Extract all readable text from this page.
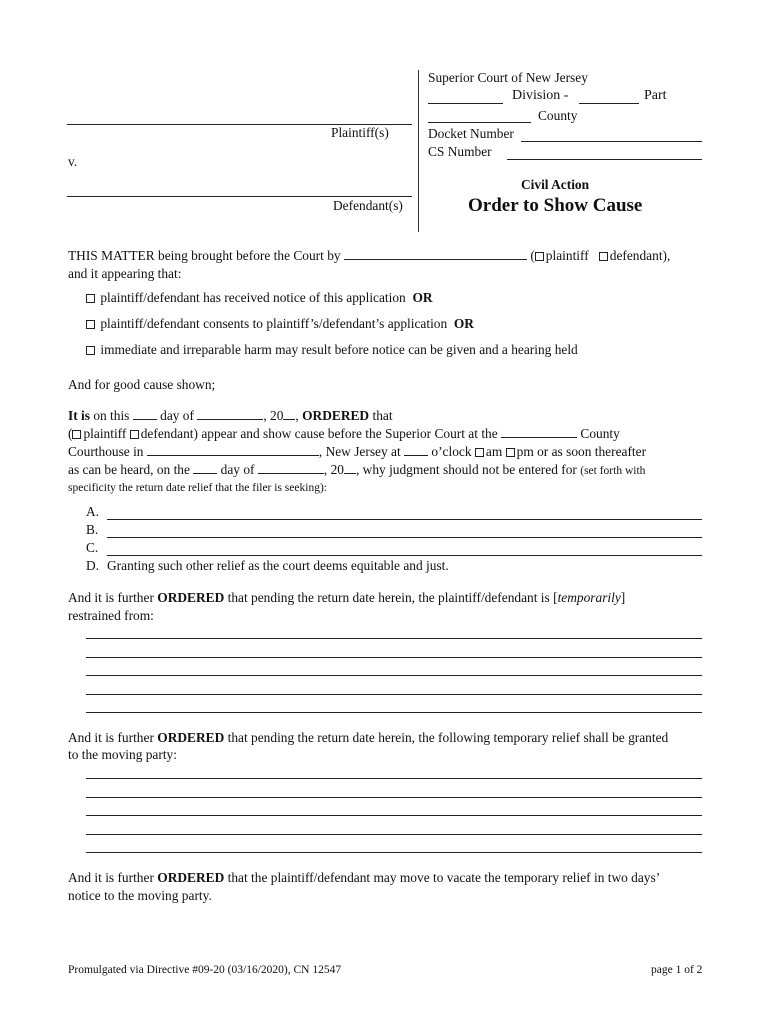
Plaintiff(s)
v.
Defendant(s)
Superior Court of New Jersey
Division -	Part
County
Docket Number
CS Number
Civil Action
Order to Show Cause
THIS MATTER being brought before the Court by	( plaintiff defendant),
and it appearing that:
plaintiff/defendant has received notice of this application OR
plaintiff/defendant consents to plaintiff’s/defendant’s application OR
immediate and irreparable harm may result before notice can be given and a hearing held
And for good cause shown;
It is on this day of	, 20 , ORDERED that
( plaintiff defendant) appear and show cause before the Superior Court at the	County
Courthouse in	, New Jersey at o’clock am pm or as soon thereafter
as can be heard, on the day of	, 20 , why judgment should not be entered for (set forth with
specificity the return date relief that the filer is seeking):
A.
B.
C.
D. Granting such other relief as the court deems equitable and just.
And it is further ORDERED that pending the return date herein, the plaintiff/defendant is [temporarily]
restrained from:
And it is further ORDERED that pending the return date herein, the following temporary relief shall be granted
to the moving party:
And it is further ORDERED that the plaintiff/defendant may move to vacate the temporary relief in two days’
notice to the moving party.
Promulgated via Directive #09-20 (03/16/2020), CN 12547	page 1 of 2
